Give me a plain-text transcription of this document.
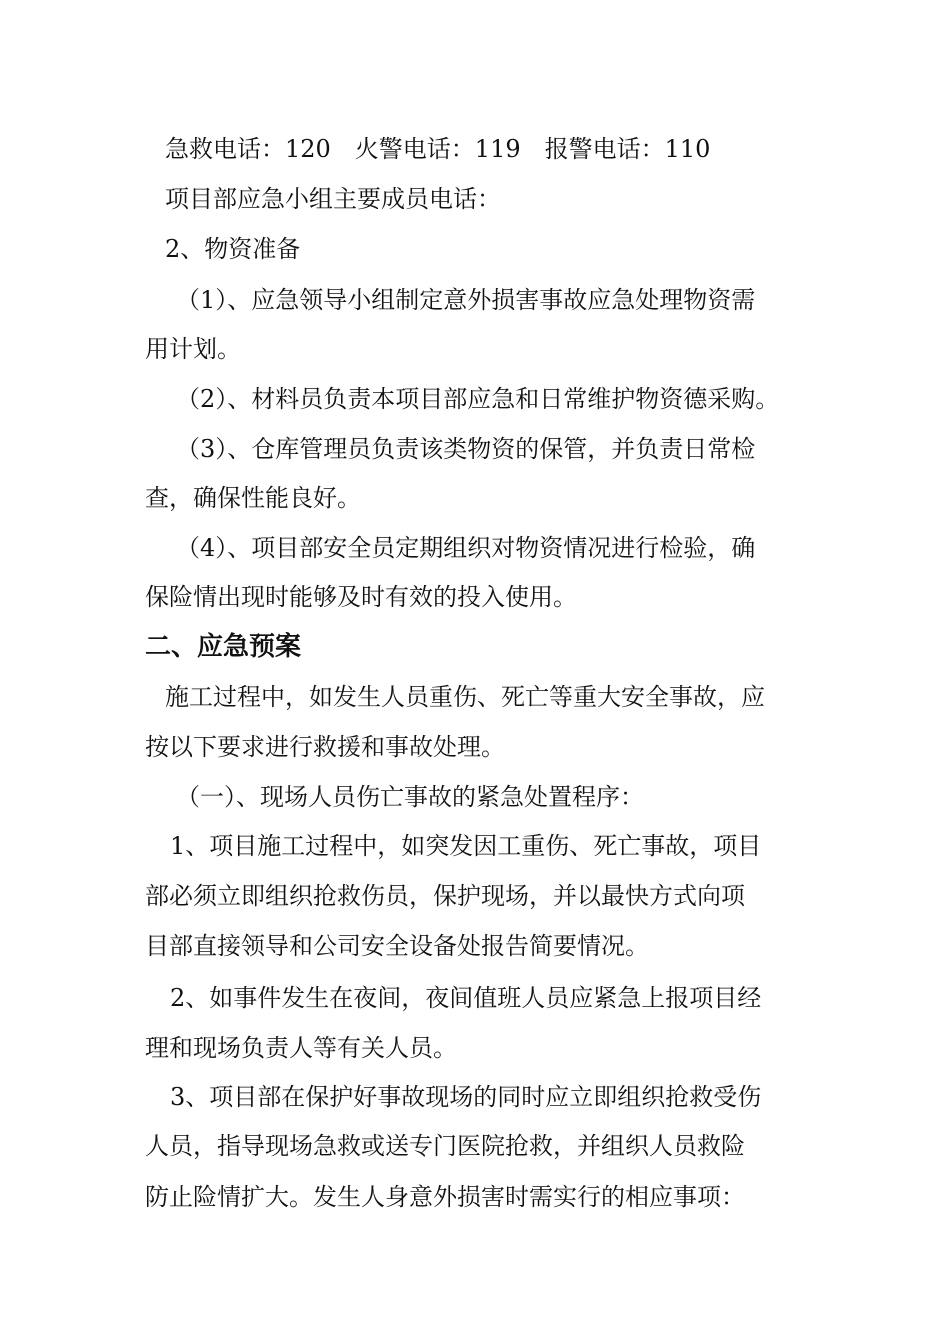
急救电话：120　火警电话：119　报警电话：110
项目部应急小组主要成员电话：
2、物资准备
（1）、应急领导小组制定意外损害事故应急处理物资需
用计划。
（2）、材料员负责本项目部应急和日常维护物资德采购。
（3）、仓库管理员负责该类物资的保管，并负责日常检
查，确保性能良好。
（4）、项目部安全员定期组织对物资情况进行检验，确
保险情出现时能够及时有效的投入使用。
二、应急预案
施工过程中，如发生人员重伤、死亡等重大安全事故，应
按以下要求进行救援和事故处理。
（一）、现场人员伤亡事故的紧急处置程序：
1、项目施工过程中，如突发因工重伤、死亡事故，项目
部必须立即组织抢救伤员，保护现场，并以最快方式向项
目部直接领导和公司安全设备处报告简要情况。
2、如事件发生在夜间，夜间值班人员应紧急上报项目经
理和现场负责人等有关人员。
3、项目部在保护好事故现场的同时应立即组织抢救受伤
人员，指导现场急救或送专门医院抢救，并组织人员救险
防止险情扩大。发生人身意外损害时需实行的相应事项：
